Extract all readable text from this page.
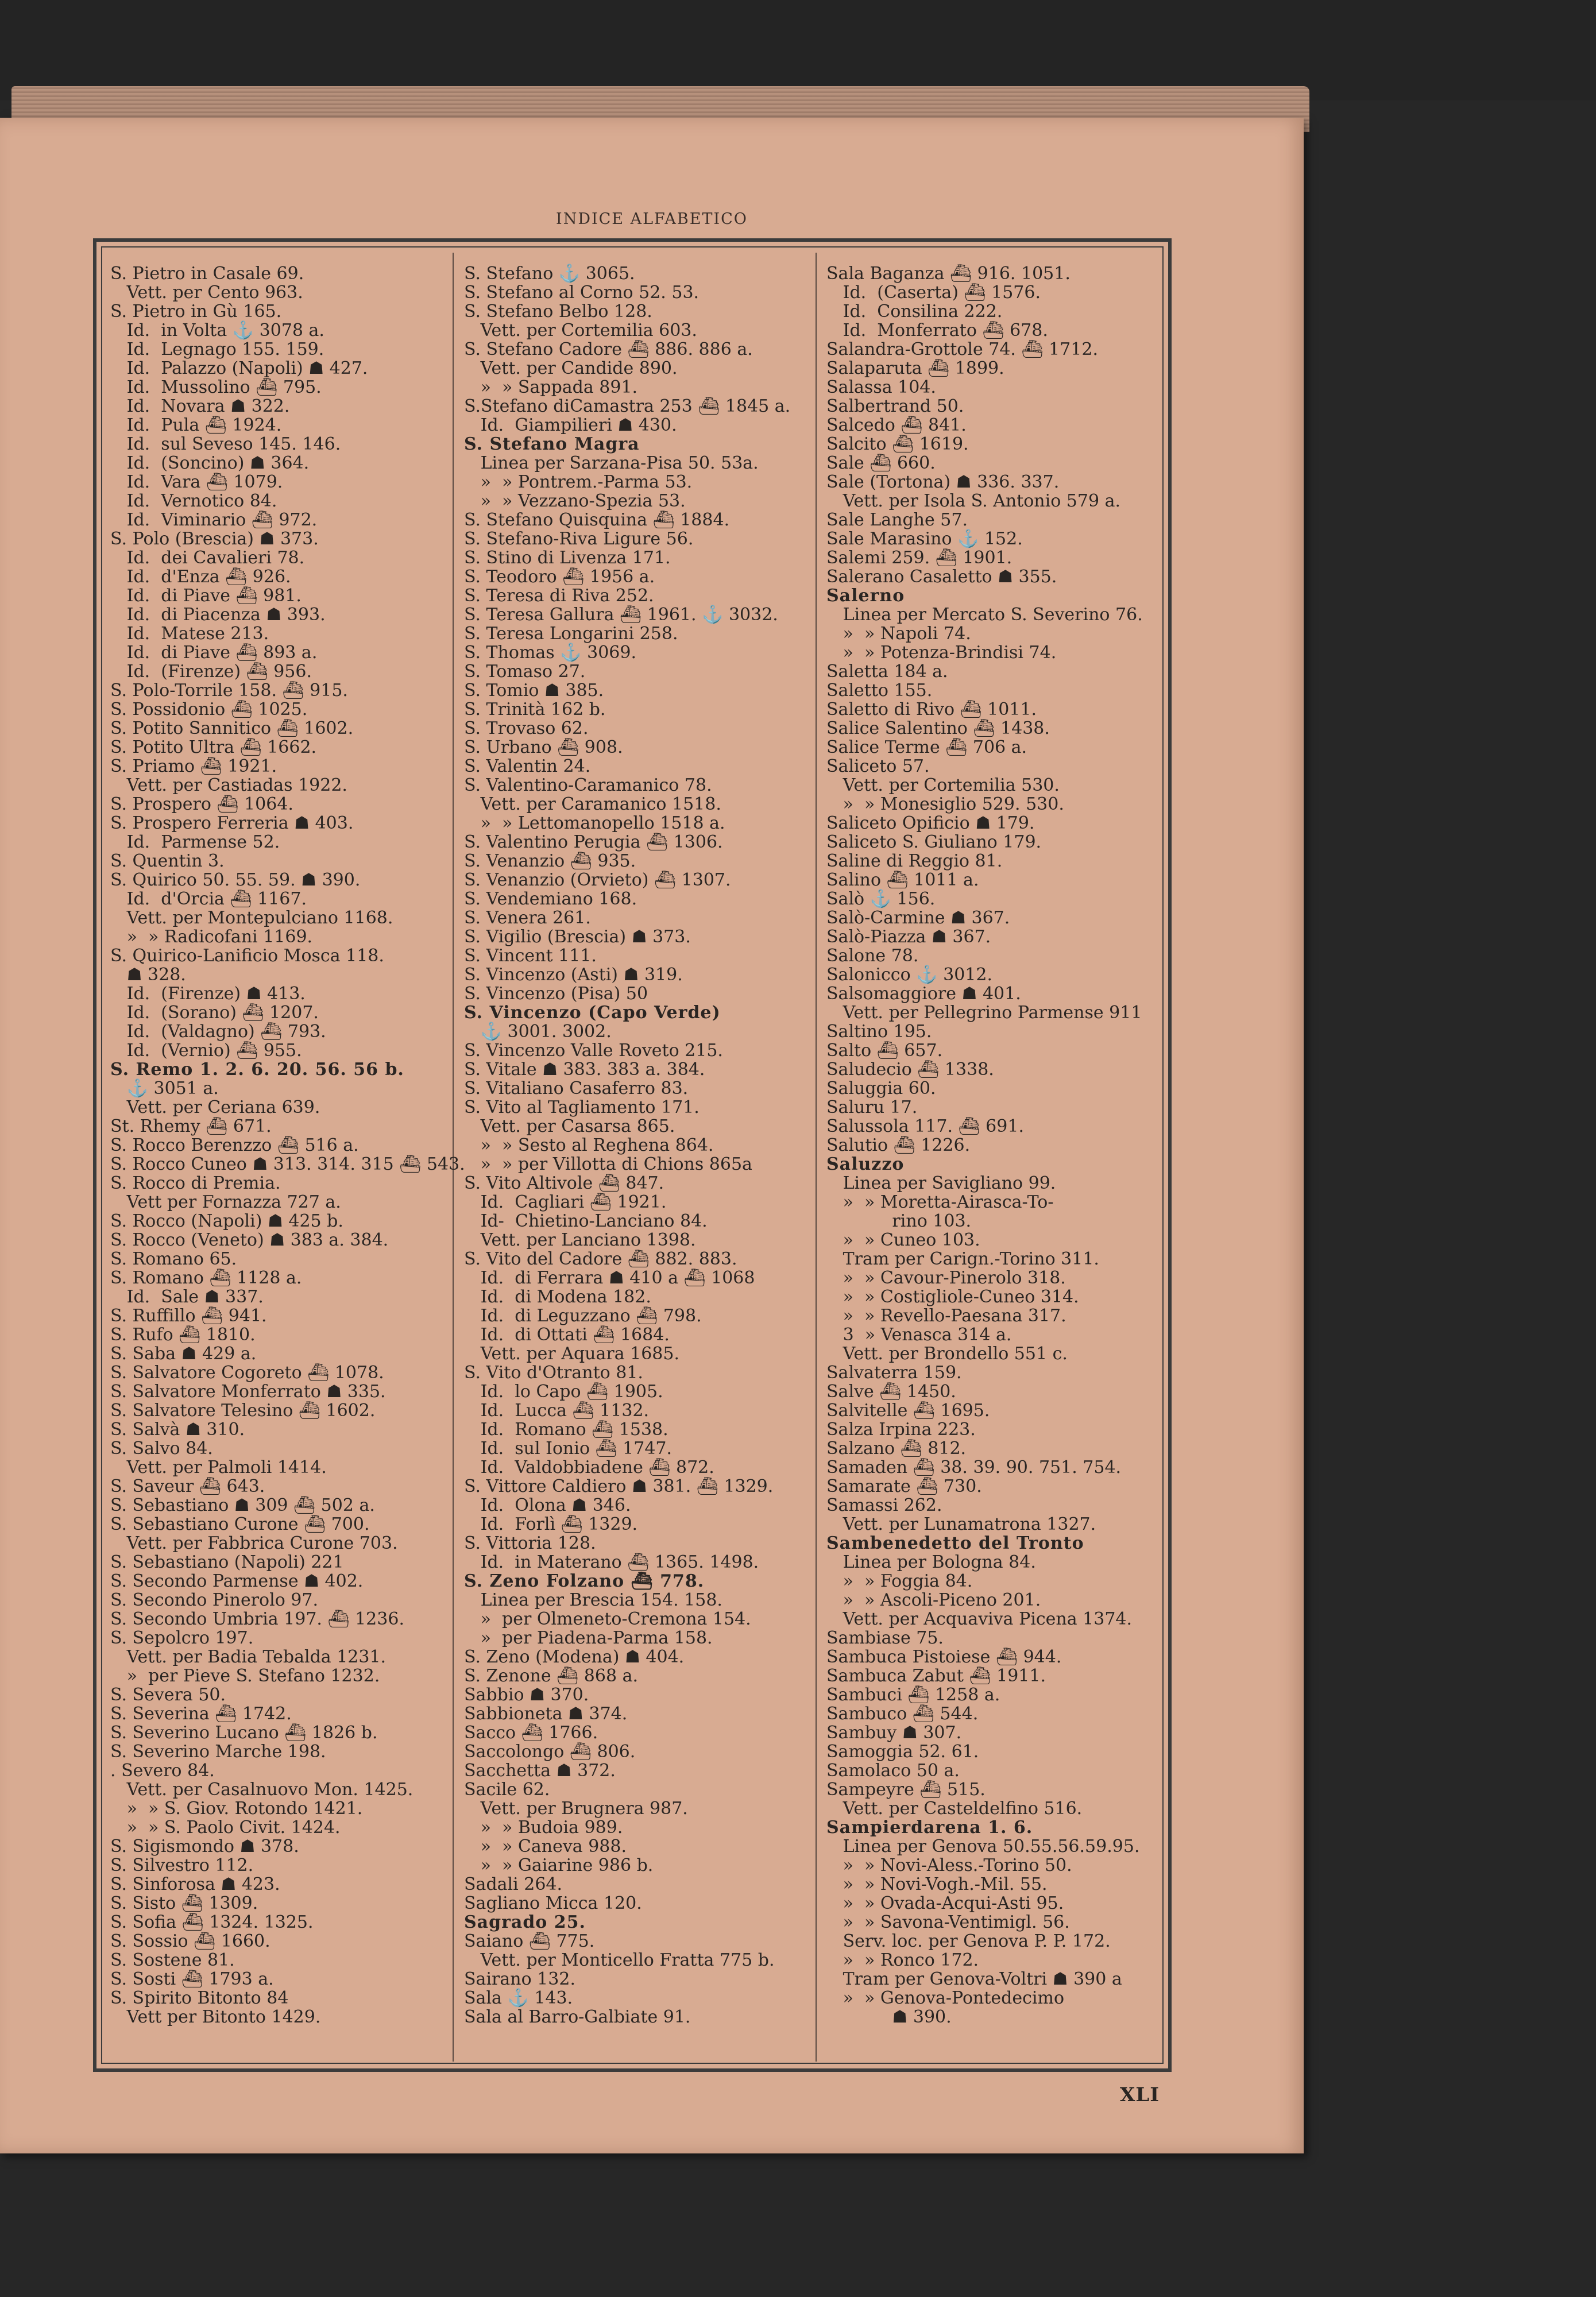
INDICE ALFABETICO
S. Pietro in Casale 69.
Vett. per Cento 963.
S. Pietro in Gù 165.
Id.  in Volta ⚓ 3078 a.
Id.  Legnago 155. 159.
Id.  Palazzo (Napoli) ☗ 427.
Id.  Mussolino ⛴ 795.
Id.  Novara ☗ 322.
Id.  Pula ⛴ 1924.
Id.  sul Seveso 145. 146.
Id.  (Soncino) ☗ 364.
Id.  Vara ⛴ 1079.
Id.  Vernotico 84.
Id.  Viminario ⛴ 972.
S. Polo (Brescia) ☗ 373.
Id.  dei Cavalieri 78.
Id.  d'Enza ⛴ 926.
Id.  di Piave ⛴ 981.
Id.  di Piacenza ☗ 393.
Id.  Matese 213.
Id.  di Piave ⛴ 893 a.
Id.  (Firenze) ⛴ 956.
S. Polo-Torrile 158. ⛴ 915.
S. Possidonio ⛴ 1025.
S. Potito Sannitico ⛴ 1602.
S. Potito Ultra ⛴ 1662.
S. Priamo ⛴ 1921.
Vett. per Castiadas 1922.
S. Prospero ⛴ 1064.
S. Prospero Ferreria ☗ 403.
Id.  Parmense 52.
S. Quentin 3.
S. Quirico 50. 55. 59. ☗ 390.
Id.  d'Orcia ⛴ 1167.
Vett. per Montepulciano 1168.
»  » Radicofani 1169.
S. Quirico-Lanificio Mosca 118.
☗ 328.
Id.  (Firenze) ☗ 413.
Id.  (Sorano) ⛴ 1207.
Id.  (Valdagno) ⛴ 793.
Id.  (Vernio) ⛴ 955.
S. Remo 1. 2. 6. 20. 56. 56 b.
⚓ 3051 a.
Vett. per Ceriana 639.
St. Rhemy ⛴ 671.
S. Rocco Berenzzo ⛴ 516 a.
S. Rocco Cuneo ☗ 313. 314. 315 ⛴ 543.
S. Rocco di Premia.
Vett per Fornazza 727 a.
S. Rocco (Napoli) ☗ 425 b.
S. Rocco (Veneto) ☗ 383 a. 384.
S. Romano 65.
S. Romano ⛴ 1128 a.
Id.  Sale ☗ 337.
S. Ruffillo ⛴ 941.
S. Rufo ⛴ 1810.
S. Saba ☗ 429 a.
S. Salvatore Cogoreto ⛴ 1078.
S. Salvatore Monferrato ☗ 335.
S. Salvatore Telesino ⛴ 1602.
S. Salvà ☗ 310.
S. Salvo 84.
Vett. per Palmoli 1414.
S. Saveur ⛴ 643.
S. Sebastiano ☗ 309 ⛴ 502 a.
S. Sebastiano Curone ⛴ 700.
Vett. per Fabbrica Curone 703.
S. Sebastiano (Napoli) 221
S. Secondo Parmense ☗ 402.
S. Secondo Pinerolo 97.
S. Secondo Umbria 197. ⛴ 1236.
S. Sepolcro 197.
Vett. per Badia Tebalda 1231.
»  per Pieve S. Stefano 1232.
S. Severa 50.
S. Severina ⛴ 1742.
S. Severino Lucano ⛴ 1826 b.
S. Severino Marche 198.
. Severo 84.
Vett. per Casalnuovo Mon. 1425.
»  » S. Giov. Rotondo 1421.
»  » S. Paolo Civit. 1424.
S. Sigismondo ☗ 378.
S. Silvestro 112.
S. Sinforosa ☗ 423.
S. Sisto ⛴ 1309.
S. Sofia ⛴ 1324. 1325.
S. Sossio ⛴ 1660.
S. Sostene 81.
S. Sosti ⛴ 1793 a.
S. Spirito Bitonto 84
Vett per Bitonto 1429.
S. Stefano ⚓ 3065.
S. Stefano al Corno 52. 53.
S. Stefano Belbo 128.
Vett. per Cortemilia 603.
S. Stefano Cadore ⛴ 886. 886 a.
Vett. per Candide 890.
»  » Sappada 891.
S.Stefano diCamastra 253 ⛴ 1845 a.
Id.  Giampilieri ☗ 430.
S. Stefano Magra
Linea per Sarzana-Pisa 50. 53a.
»  » Pontrem.-Parma 53.
»  » Vezzano-Spezia 53.
S. Stefano Quisquina ⛴ 1884.
S. Stefano-Riva Ligure 56.
S. Stino di Livenza 171.
S. Teodoro ⛴ 1956 a.
S. Teresa di Riva 252.
S. Teresa Gallura ⛴ 1961. ⚓ 3032.
S. Teresa Longarini 258.
S. Thomas ⚓ 3069.
S. Tomaso 27.
S. Tomio ☗ 385.
S. Trinità 162 b.
S. Trovaso 62.
S. Urbano ⛴ 908.
S. Valentin 24.
S. Valentino-Caramanico 78.
Vett. per Caramanico 1518.
»  » Lettomanopello 1518 a.
S. Valentino Perugia ⛴ 1306.
S. Venanzio ⛴ 935.
S. Venanzio (Orvieto) ⛴ 1307.
S. Vendemiano 168.
S. Venera 261.
S. Vigilio (Brescia) ☗ 373.
S. Vincent 111.
S. Vincenzo (Asti) ☗ 319.
S. Vincenzo (Pisa) 50
S. Vincenzo (Capo Verde)
⚓ 3001. 3002.
S. Vincenzo Valle Roveto 215.
S. Vitale ☗ 383. 383 a. 384.
S. Vitaliano Casaferro 83.
S. Vito al Tagliamento 171.
Vett. per Casarsa 865.
»  » Sesto al Reghena 864.
»  » per Villotta di Chions 865a
S. Vito Altivole ⛴ 847.
Id.  Cagliari ⛴ 1921.
Id-  Chietino-Lanciano 84.
Vett. per Lanciano 1398.
S. Vito del Cadore ⛴ 882. 883.
Id.  di Ferrara ☗ 410 a ⛴ 1068
Id.  di Modena 182.
Id.  di Leguzzano ⛴ 798.
Id.  di Ottati ⛴ 1684.
Vett. per Aquara 1685.
S. Vito d'Otranto 81.
Id.  lo Capo ⛴ 1905.
Id.  Lucca ⛴ 1132.
Id.  Romano ⛴ 1538.
Id.  sul Ionio ⛴ 1747.
Id.  Valdobbiadene ⛴ 872.
S. Vittore Caldiero ☗ 381. ⛴ 1329.
Id.  Olona ☗ 346.
Id.  Forlì ⛴ 1329.
S. Vittoria 128.
Id.  in Materano ⛴ 1365. 1498.
S. Zeno Folzano ⛴ 778.
Linea per Brescia 154. 158.
»  per Olmeneto-Cremona 154.
»  per Piadena-Parma 158.
S. Zeno (Modena) ☗ 404.
S. Zenone ⛴ 868 a.
Sabbio ☗ 370.
Sabbioneta ☗ 374.
Sacco ⛴ 1766.
Saccolongo ⛴ 806.
Sacchetta ☗ 372.
Sacile 62.
Vett. per Brugnera 987.
»  » Budoia 989.
»  » Caneva 988.
»  » Gaiarine 986 b.
Sadali 264.
Sagliano Micca 120.
Sagrado 25.
Saiano ⛴ 775.
Vett. per Monticello Fratta 775 b.
Sairano 132.
Sala ⚓ 143.
Sala al Barro-Galbiate 91.
Sala Baganza ⛴ 916. 1051.
Id.  (Caserta) ⛴ 1576.
Id.  Consilina 222.
Id.  Monferrato ⛴ 678.
Salandra-Grottole 74. ⛴ 1712.
Salaparuta ⛴ 1899.
Salassa 104.
Salbertrand 50.
Salcedo ⛴ 841.
Salcito ⛴ 1619.
Sale ⛴ 660.
Sale (Tortona) ☗ 336. 337.
Vett. per Isola S. Antonio 579 a.
Sale Langhe 57.
Sale Marasino ⚓ 152.
Salemi 259. ⛴ 1901.
Salerano Casaletto ☗ 355.
Salerno
Linea per Mercato S. Severino 76.
»  » Napoli 74.
»  » Potenza-Brindisi 74.
Saletta 184 a.
Saletto 155.
Saletto di Rivo ⛴ 1011.
Salice Salentino ⛴ 1438.
Salice Terme ⛴ 706 a.
Saliceto 57.
Vett. per Cortemilia 530.
»  » Monesiglio 529. 530.
Saliceto Opificio ☗ 179.
Saliceto S. Giuliano 179.
Saline di Reggio 81.
Salino ⛴ 1011 a.
Salò ⚓ 156.
Salò-Carmine ☗ 367.
Salò-Piazza ☗ 367.
Salone 78.
Salonicco ⚓ 3012.
Salsomaggiore ☗ 401.
Vett. per Pellegrino Parmense 911
Saltino 195.
Salto ⛴ 657.
Saludecio ⛴ 1338.
Saluggia 60.
Saluru 17.
Salussola 117. ⛴ 691.
Salutio ⛴ 1226.
Saluzzo
Linea per Savigliano 99.
»  » Moretta-Airasca-To-
rino 103.
»  » Cuneo 103.
Tram per Carign.-Torino 311.
»  » Cavour-Pinerolo 318.
»  » Costigliole-Cuneo 314.
»  » Revello-Paesana 317.
3  » Venasca 314 a.
Vett. per Brondello 551 c.
Salvaterra 159.
Salve ⛴ 1450.
Salvitelle ⛴ 1695.
Salza Irpina 223.
Salzano ⛴ 812.
Samaden ⛴ 38. 39. 90. 751. 754.
Samarate ⛴ 730.
Samassi 262.
Vett. per Lunamatrona 1327.
Sambenedetto del Tronto
Linea per Bologna 84.
»  » Foggia 84.
»  » Ascoli-Piceno 201.
Vett. per Acquaviva Picena 1374.
Sambiase 75.
Sambuca Pistoiese ⛴ 944.
Sambuca Zabut ⛴ 1911.
Sambuci ⛴ 1258 a.
Sambuco ⛴ 544.
Sambuy ☗ 307.
Samoggia 52. 61.
Samolaco 50 a.
Sampeyre ⛴ 515.
Vett. per Casteldelfino 516.
Sampierdarena 1. 6.
Linea per Genova 50.55.56.59.95.
»  » Novi-Aless.-Torino 50.
»  » Novi-Vogh.-Mil. 55.
»  » Ovada-Acqui-Asti 95.
»  » Savona-Ventimigl. 56.
Serv. loc. per Genova P. P. 172.
»  » Ronco 172.
Tram per Genova-Voltri ☗ 390 a
»  » Genova-Pontedecimo
☗ 390.
XLI
